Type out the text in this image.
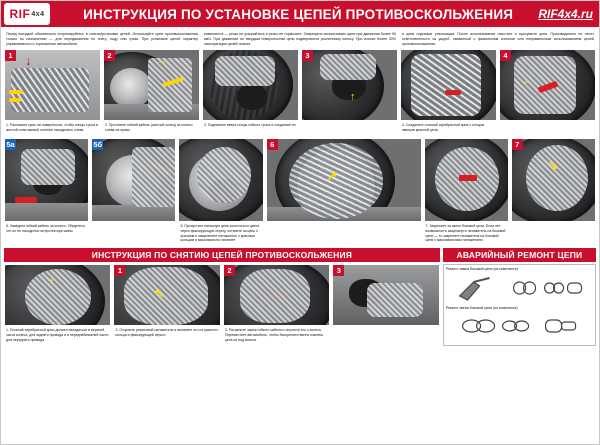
RIF 4x4	ИНСТРУКЦИЯ ПО УСТАНОВКЕ ЦЕПЕЙ ПРОТИВОСКОЛЬЖЕНИЯ	RIF4x4.ru
Перед поездкой обязательно потренируйтесь в снятии/установке цепей. Используйте цепи противоскольжения только по назначению — для передвижения по снегу, льду или грязи. При установке цепей характер управляемости и торможение автомобиля
изменяется — резко не ускоряйтесь и резко не тормозите. Запрещено использовать цепи при движении более 50 км/ч. При движении по твердым поверхностям цепи подвергаются усиленному износу. При износе более 30% эксплуатация цепей опасна
и цепи подлежат утилизации. После использования очистите и просушите цепи. Производитель не несет ответственности за ущерб, связанный с физическим износом или неправильным использованием цепей противоскольжения.
1 ↓
1. Разложите цепь на поверхности, чтобы концы троса в желтой пластиковой оплетке находились слева
2	→
2. Протяните гибкий кабель (желтый конец) за колесо слева на право
3. Поднимите вверх концы гибкого троса и соедините их
3
↑
4. Соедините плоский серебристый крюк с концом звеньев красной цепи
4
←
5а
5. Заведите гибкий кабель за колесо. Убедитесь, что он не находится на протекторе шины
5б
6. Пропустите натяжную цепь золотистого цвета через фиксирующую серьгу, потяните за цепь с усилием и защелкните натяжитель с красным кольцом и максимально натяните
6
↗
7. Закрепите за звено боковой цепи. Если нет возможности защелкнуть натяжитель на боковой цепи — то закрепите натяжитель на боковой цепи с максимальным натяжением
7
↘
ИНСТРУКЦИЯ ПО СНЯТИЮ ЦЕПЕЙ ПРОТИВОСКОЛЬЖЕНИЯ	АВАРИЙНЫЙ РЕМОНТ ЦЕПИ
↓
1. Плоский серебристый крюк должен находиться в верхней части колеса, для заднего привода и в передней/нижней части для переднего привода
1
↖
2. Отцепите резиновый натяжитель и вытяните его из красного кольца и фиксирующей серьги
2
3. Расцепите замок гибкого кабеля и опустите его с колеса. Переместите автомобиль, чтобы беспрепятственно извлечь цепь из под колеса.
3	Ремонт замка боковой цепи (из комплекта)
Ремонт звена боковой цепи (из комплекта)
